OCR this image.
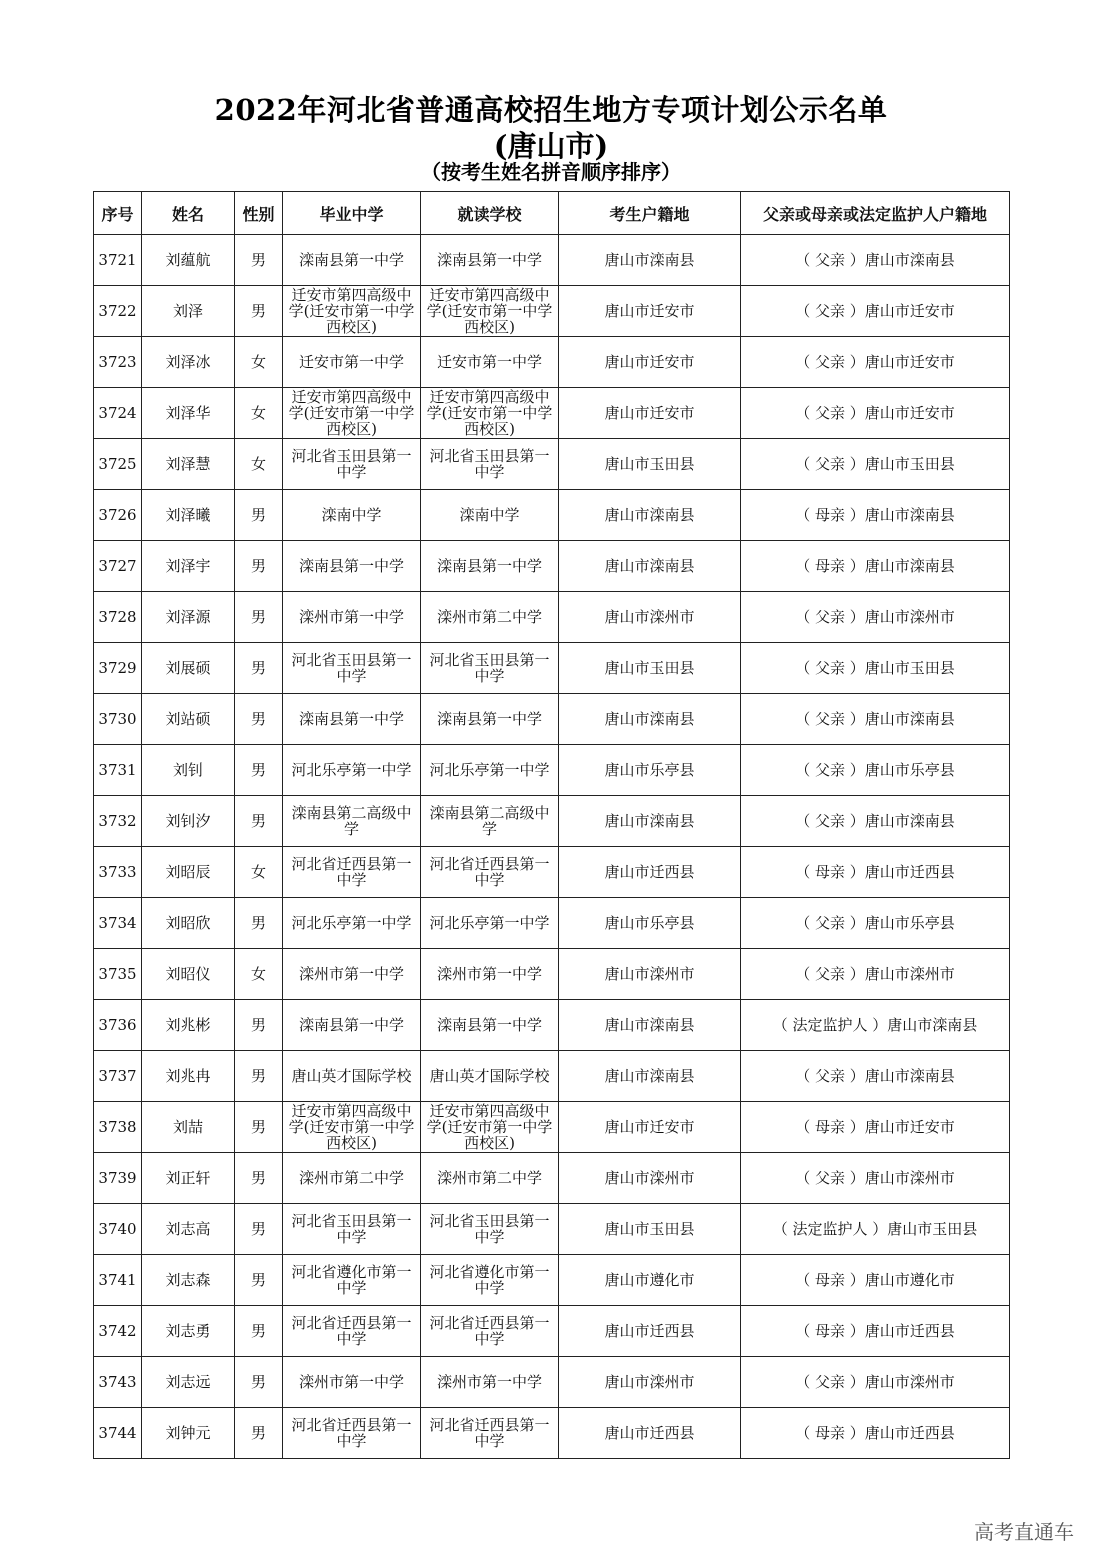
2022年河北省普通高校招生地方专项计划公示名单
(唐山市)
（按考生姓名拼音顺序排序）
序号	姓名	性别	毕业中学	就读学校	考生户籍地	父亲或母亲或法定监护人户籍地
3721	刘蕴航	男	滦南县第一中学	滦南县第一中学	唐山市滦南县	（ 父亲 ）唐山市滦南县
3722	刘泽	男	迁安市第四高级中学(迁安市第一中学西校区)	迁安市第四高级中学(迁安市第一中学西校区)	唐山市迁安市	（ 父亲 ）唐山市迁安市
3723	刘泽冰	女	迁安市第一中学	迁安市第一中学	唐山市迁安市	（ 父亲 ）唐山市迁安市
3724	刘泽华	女	迁安市第四高级中学(迁安市第一中学西校区)	迁安市第四高级中学(迁安市第一中学西校区)	唐山市迁安市	（ 父亲 ）唐山市迁安市
3725	刘泽慧	女	河北省玉田县第一中学	河北省玉田县第一中学	唐山市玉田县	（ 父亲 ）唐山市玉田县
3726	刘泽曦	男	滦南中学	滦南中学	唐山市滦南县	（ 母亲 ）唐山市滦南县
3727	刘泽宇	男	滦南县第一中学	滦南县第一中学	唐山市滦南县	（ 母亲 ）唐山市滦南县
3728	刘泽源	男	滦州市第一中学	滦州市第二中学	唐山市滦州市	（ 父亲 ）唐山市滦州市
3729	刘展硕	男	河北省玉田县第一中学	河北省玉田县第一中学	唐山市玉田县	（ 父亲 ）唐山市玉田县
3730	刘站硕	男	滦南县第一中学	滦南县第一中学	唐山市滦南县	（ 父亲 ）唐山市滦南县
3731	刘钊	男	河北乐亭第一中学	河北乐亭第一中学	唐山市乐亭县	（ 父亲 ）唐山市乐亭县
3732	刘钊汐	男	滦南县第二高级中学	滦南县第二高级中学	唐山市滦南县	（ 父亲 ）唐山市滦南县
3733	刘昭辰	女	河北省迁西县第一中学	河北省迁西县第一中学	唐山市迁西县	（ 母亲 ）唐山市迁西县
3734	刘昭欣	男	河北乐亭第一中学	河北乐亭第一中学	唐山市乐亭县	（ 父亲 ）唐山市乐亭县
3735	刘昭仪	女	滦州市第一中学	滦州市第一中学	唐山市滦州市	（ 父亲 ）唐山市滦州市
3736	刘兆彬	男	滦南县第一中学	滦南县第一中学	唐山市滦南县	（ 法定监护人 ）唐山市滦南县
3737	刘兆冉	男	唐山英才国际学校	唐山英才国际学校	唐山市滦南县	（ 父亲 ）唐山市滦南县
3738	刘喆	男	迁安市第四高级中学(迁安市第一中学西校区)	迁安市第四高级中学(迁安市第一中学西校区)	唐山市迁安市	（ 母亲 ）唐山市迁安市
3739	刘正轩	男	滦州市第二中学	滦州市第二中学	唐山市滦州市	（ 父亲 ）唐山市滦州市
3740	刘志高	男	河北省玉田县第一中学	河北省玉田县第一中学	唐山市玉田县	（ 法定监护人 ）唐山市玉田县
3741	刘志森	男	河北省遵化市第一中学	河北省遵化市第一中学	唐山市遵化市	（ 母亲 ）唐山市遵化市
3742	刘志勇	男	河北省迁西县第一中学	河北省迁西县第一中学	唐山市迁西县	（ 母亲 ）唐山市迁西县
3743	刘志远	男	滦州市第一中学	滦州市第一中学	唐山市滦州市	（ 父亲 ）唐山市滦州市
3744	刘钟元	男	河北省迁西县第一中学	河北省迁西县第一中学	唐山市迁西县	（ 母亲 ）唐山市迁西县
高考直通车
